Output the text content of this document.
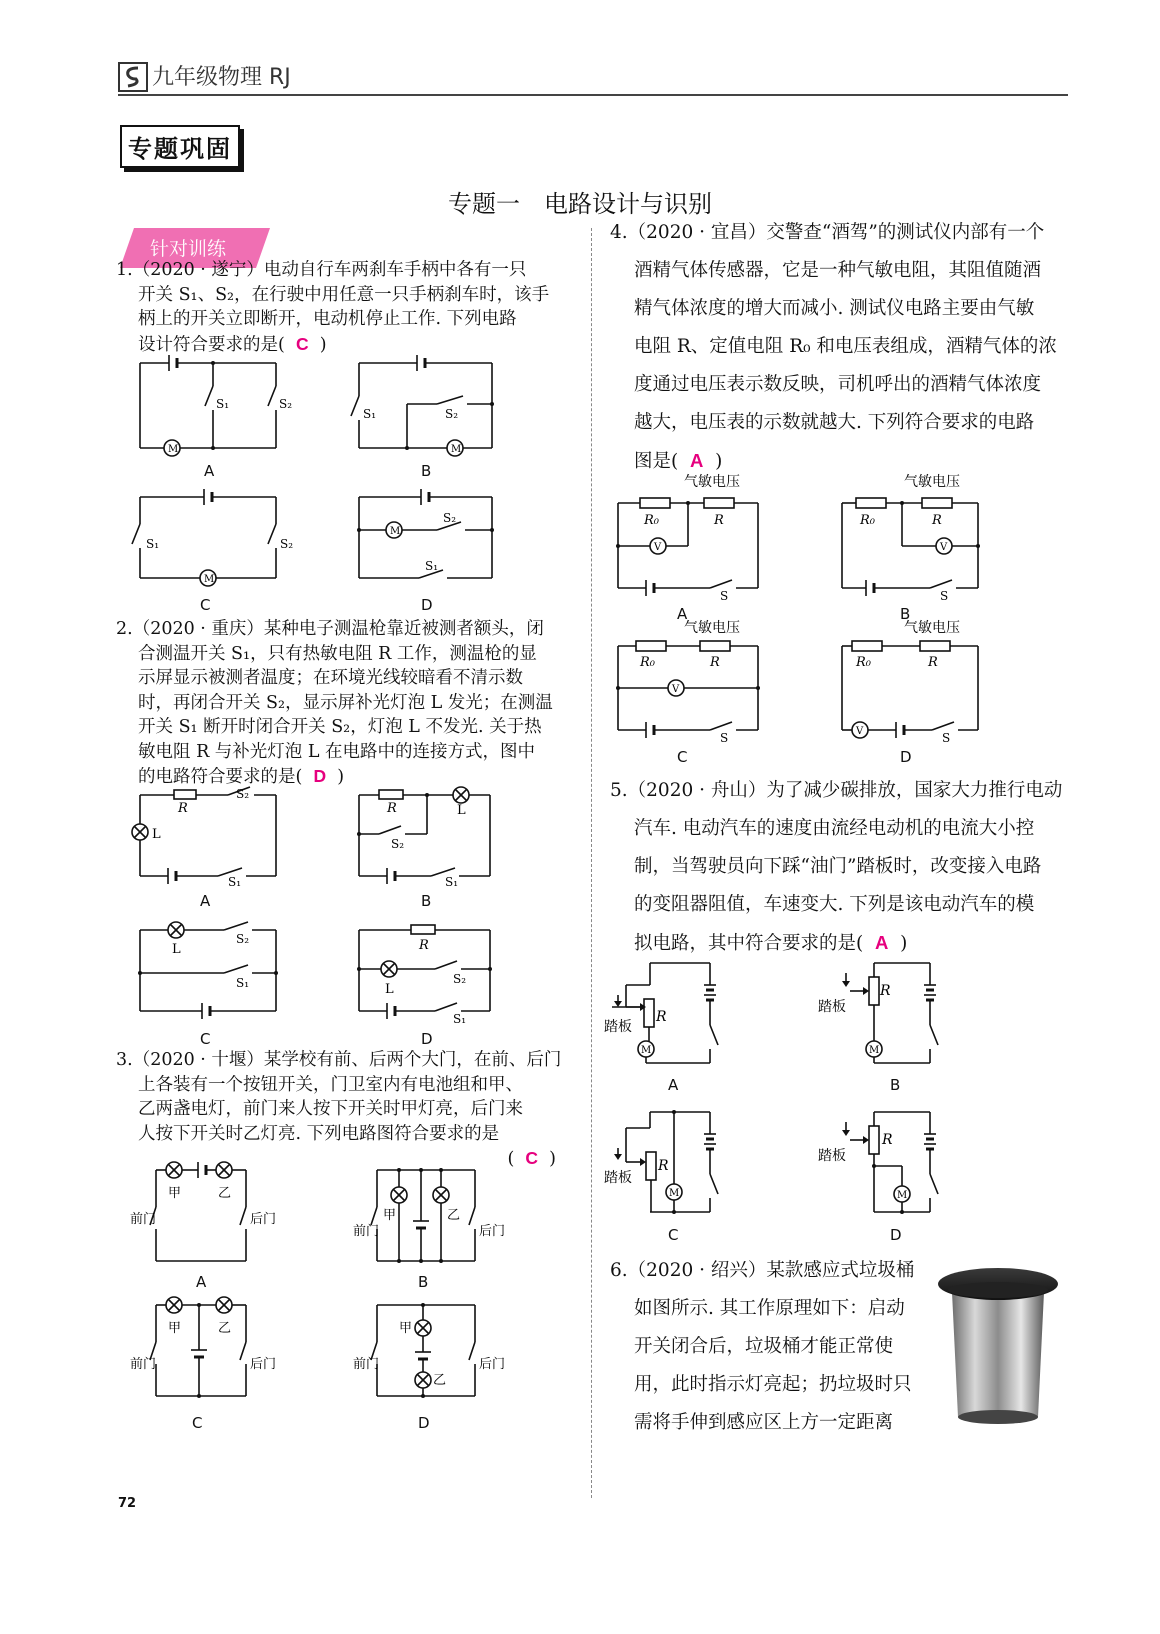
九年级物理 RJ
专题巩固
专题一　电路设计与识别
针对训练
1.（2020 · 遂宁）电动自行车两刹车手柄中各有一只
开关 S₁、S₂，在行驶中用任意一只手柄刹车时，该手
柄上的开关立即断开，电动机停止工作. 下列电路
设计符合要求的是(  C  )
M
S₁	S₂
A
M
S₁	S₂
B
M
S₁	S₂
C
M
S₂
S₁
D
2.（2020 · 重庆）某种电子测温枪靠近被测者额头，闭
合测温开关 S₁，只有热敏电阻 R 工作，测温枪的显
示屏显示被测者温度；在环境光线较暗看不清示数
时，再闭合开关 S₂，显示屏补光灯泡 L 发光；在测温
开关 S₁ 断开时闭合开关 S₂，灯泡 L 不发光. 关于热
敏电阻 R 与补光灯泡 L 在电路中的连接方式，图中
的电路符合要求的是(  D  )
R
S₂
L
S₁
A
R	L
S₂
S₁
B
L
S₂
S₁
C
R
L
S₂
S₁
D
3.（2020 · 十堰）某学校有前、后两个大门，在前、后门
上各装有一个按钮开关，门卫室内有电池组和甲、
乙两盏电灯，前门来人按下开关时甲灯亮，后门来
人按下开关时乙灯亮. 下列电路图符合要求的是
(  C  )
甲	乙
前门	后门
A
甲	乙
前门	后门
B
甲	乙
前门	后门
C
甲
乙
前门	后门
D
4.（2020 · 宜昌）交警查“酒驾”的测试仪内部有一个
酒精气体传感器，它是一种气敏电阻，其阻值随酒
精气体浓度的增大而减小. 测试仪电路主要由气敏
电阻 R、定值电阻 R₀ 和电压表组成，酒精气体的浓
度通过电压表示数反映，司机呼出的酒精气体浓度
越大，电压表的示数就越大. 下列符合要求的电路
图是(  A  )
气敏电压
R₀	R
V
S
A
气敏电压
R₀	R
V
S
B
气敏电压
R₀	R
V
S
C
气敏电压
R₀	R
V	S
D
5.（2020 · 舟山）为了减少碳排放，国家大力推行电动
汽车. 电动汽车的速度由流经电动机的电流大小控
制，当驾驶员向下踩“油门”踏板时，改变接入电路
的变阻器阻值，车速变大. 下列是该电动汽车的模
拟电路，其中符合要求的是(  A  )
R
踏板
M
A
R
踏板
M
B
R
踏板
M
C
R
踏板
M
D
6.（2020 · 绍兴）某款感应式垃圾桶
如图所示. 其工作原理如下：启动
开关闭合后，垃圾桶才能正常使
用，此时指示灯亮起；扔垃圾时只
需将手伸到感应区上方一定距离
72
